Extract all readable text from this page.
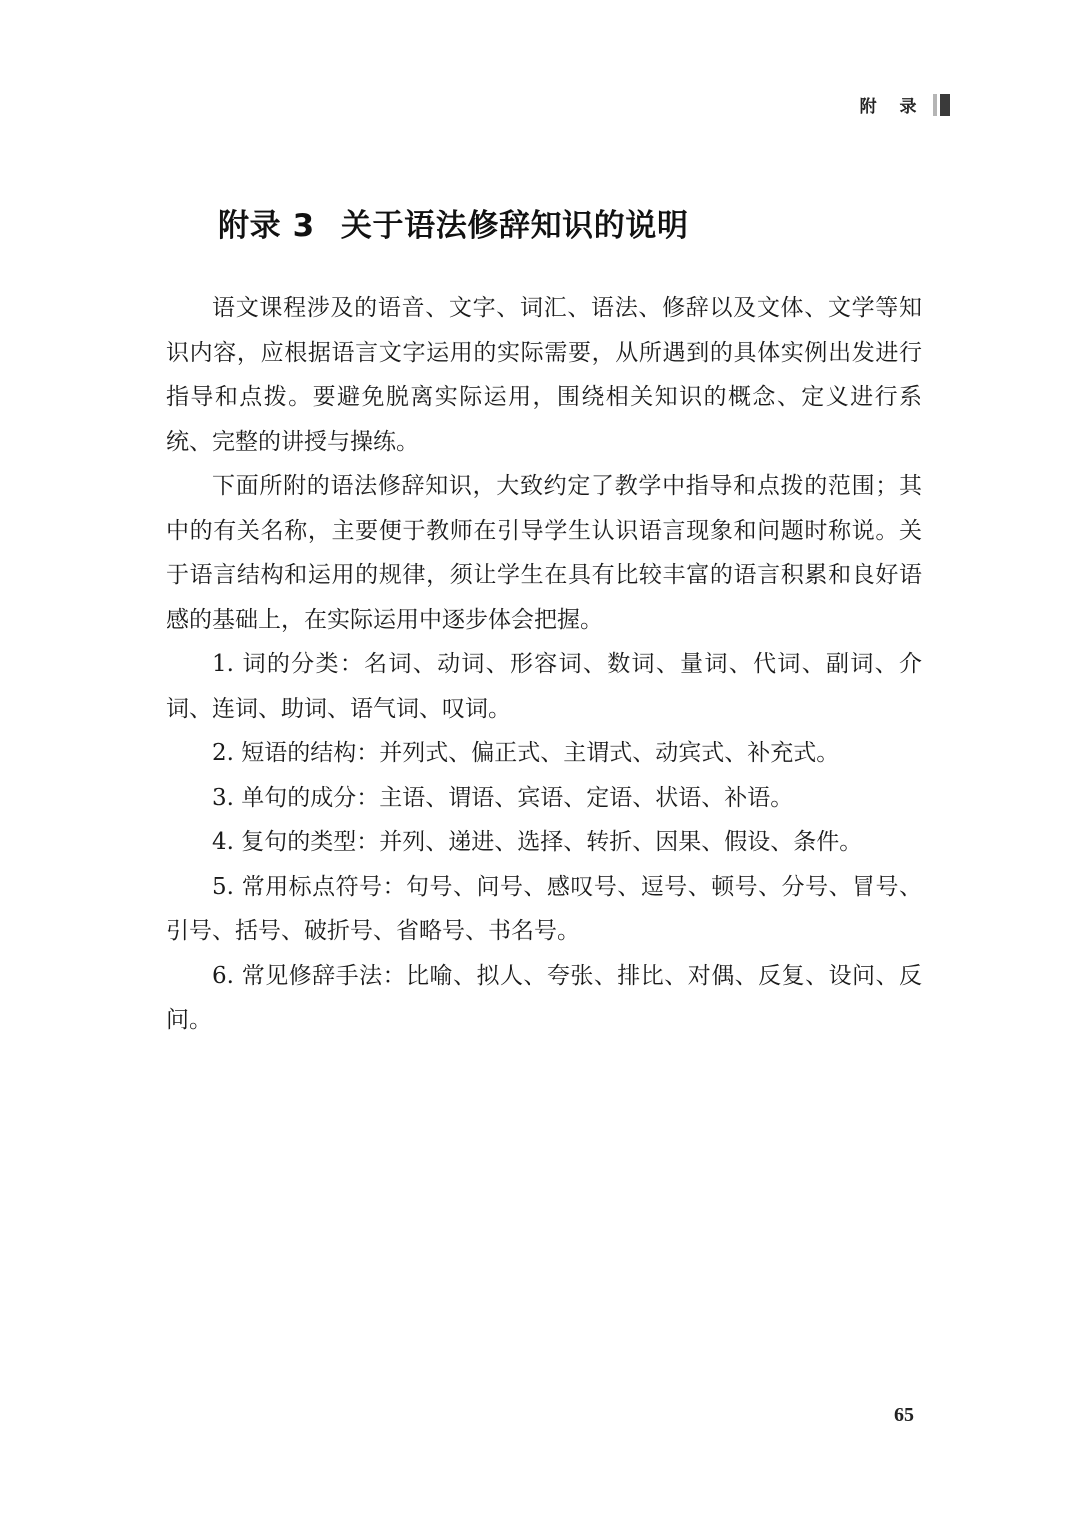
附 录
附录 3 关于语法修辞知识的说明

语文课程涉及的语音、文字、词汇、语法、修辞以及文体、文学等知识内容，应根据语言文字运用的实际需要，从所遇到的具体实例出发进行指导和点拨。要避免脱离实际运用，围绕相关知识的概念、定义进行系统、完整的讲授与操练。

下面所附的语法修辞知识，大致约定了教学中指导和点拨的范围；其中的有关名称，主要便于教师在引导学生认识语言现象和问题时称说。关于语言结构和运用的规律，须让学生在具有比较丰富的语言积累和良好语感的基础上，在实际运用中逐步体会把握。

1. 词的分类：名词、动词、形容词、数词、量词、代词、副词、介词、连词、助词、语气词、叹词。

2. 短语的结构：并列式、偏正式、主谓式、动宾式、补充式。

3. 单句的成分：主语、谓语、宾语、定语、状语、补语。

4. 复句的类型：并列、递进、选择、转折、因果、假设、条件。

5. 常用标点符号：句号、问号、感叹号、逗号、顿号、分号、冒号、引号、括号、破折号、省略号、书名号。

6. 常见修辞手法：比喻、拟人、夸张、排比、对偶、反复、设问、反问。

65
